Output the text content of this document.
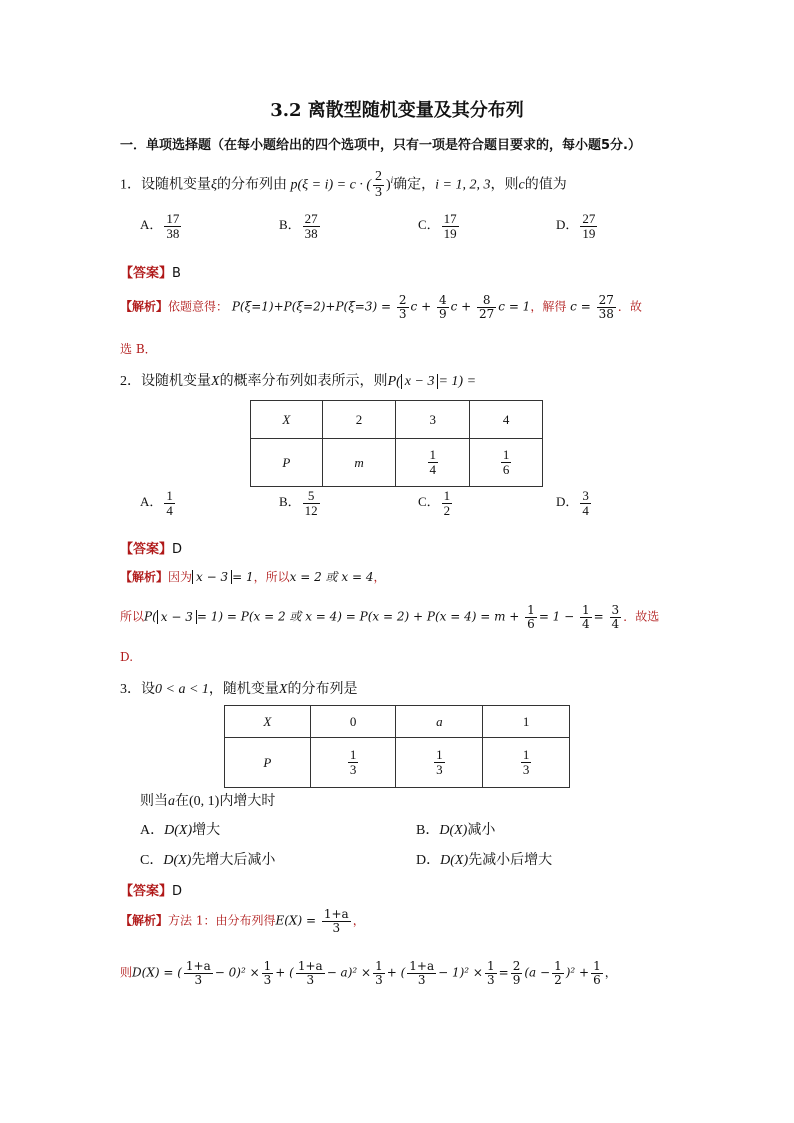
3.2 离散型随机变量及其分布列
一．单项选择题（在每小题给出的四个选项中，只有一项是符合题目要求的，每小题5分.）
1．设随机变量ξ的分布列由 p(ξ = i) = c · ( $\frac{2}{3} )^i$确定，i = 1, 2, 3，则c的值为
A． $\frac{17}{38}$	B． $\frac{27}{38}$	C． $\frac{17}{19}$	D． $\frac{27}{19}$
【答案】B
【解析】依题意得： $P(\xi=1)+P(\xi=2)+P(\xi=3) = \frac{2}{3}$ $c + \frac{4}{9}$ $c + \frac{8}{27}$ c = 1，解得 $c = \frac{27}{38}$ ．故
选 B．
2．设随机变量X的概率分布列如表所示，则P( x − 3 = 1) =
X	2	3	4
P	m	$\frac{1}{4}$	$\frac{1}{6}$
A． $\frac{1}{4}$	B． $\frac{5}{12}$	C． $\frac{1}{2}$	D． $\frac{3}{4}$
【答案】D
【解析】因为 x − 3 = 1，所以x = 2 或 x = 4，
所以P( x − 3 = 1) = P(x = 2 或 $x = 4) = P(x = 2) + P(x = 4) = m + \frac{1}{6} = 1 - \frac{1}{4} = \frac{3}{4}$ ．故选
D.
3．设0 < a < 1，随机变量X的分布列是
X	0	a	1
P	$\frac{1}{3}$	$\frac{1}{3}$	$\frac{1}{3}$
则当a在(0, 1)内增大时
A．D(X)增大	B．D(X)减小
C．D(X)先增大后减小	D．D(X)先减小后增大
【答案】D
【解析】方法 1：由分布列得$E(X) = \frac{1+a}{3}$ ，
则D(X) = ( $\frac{1+a}{3} - 0)^2 \times \frac{1}{3}$ + ( $\frac{1+a}{3} - a)^2 \times \frac{1}{3}$ + ( $\frac{1+a}{3} - 1)^2 \times \frac{1}{3} = \frac{2}{9} (a - \frac{1}{2} )^2 + \frac{1}{6}$ ，
